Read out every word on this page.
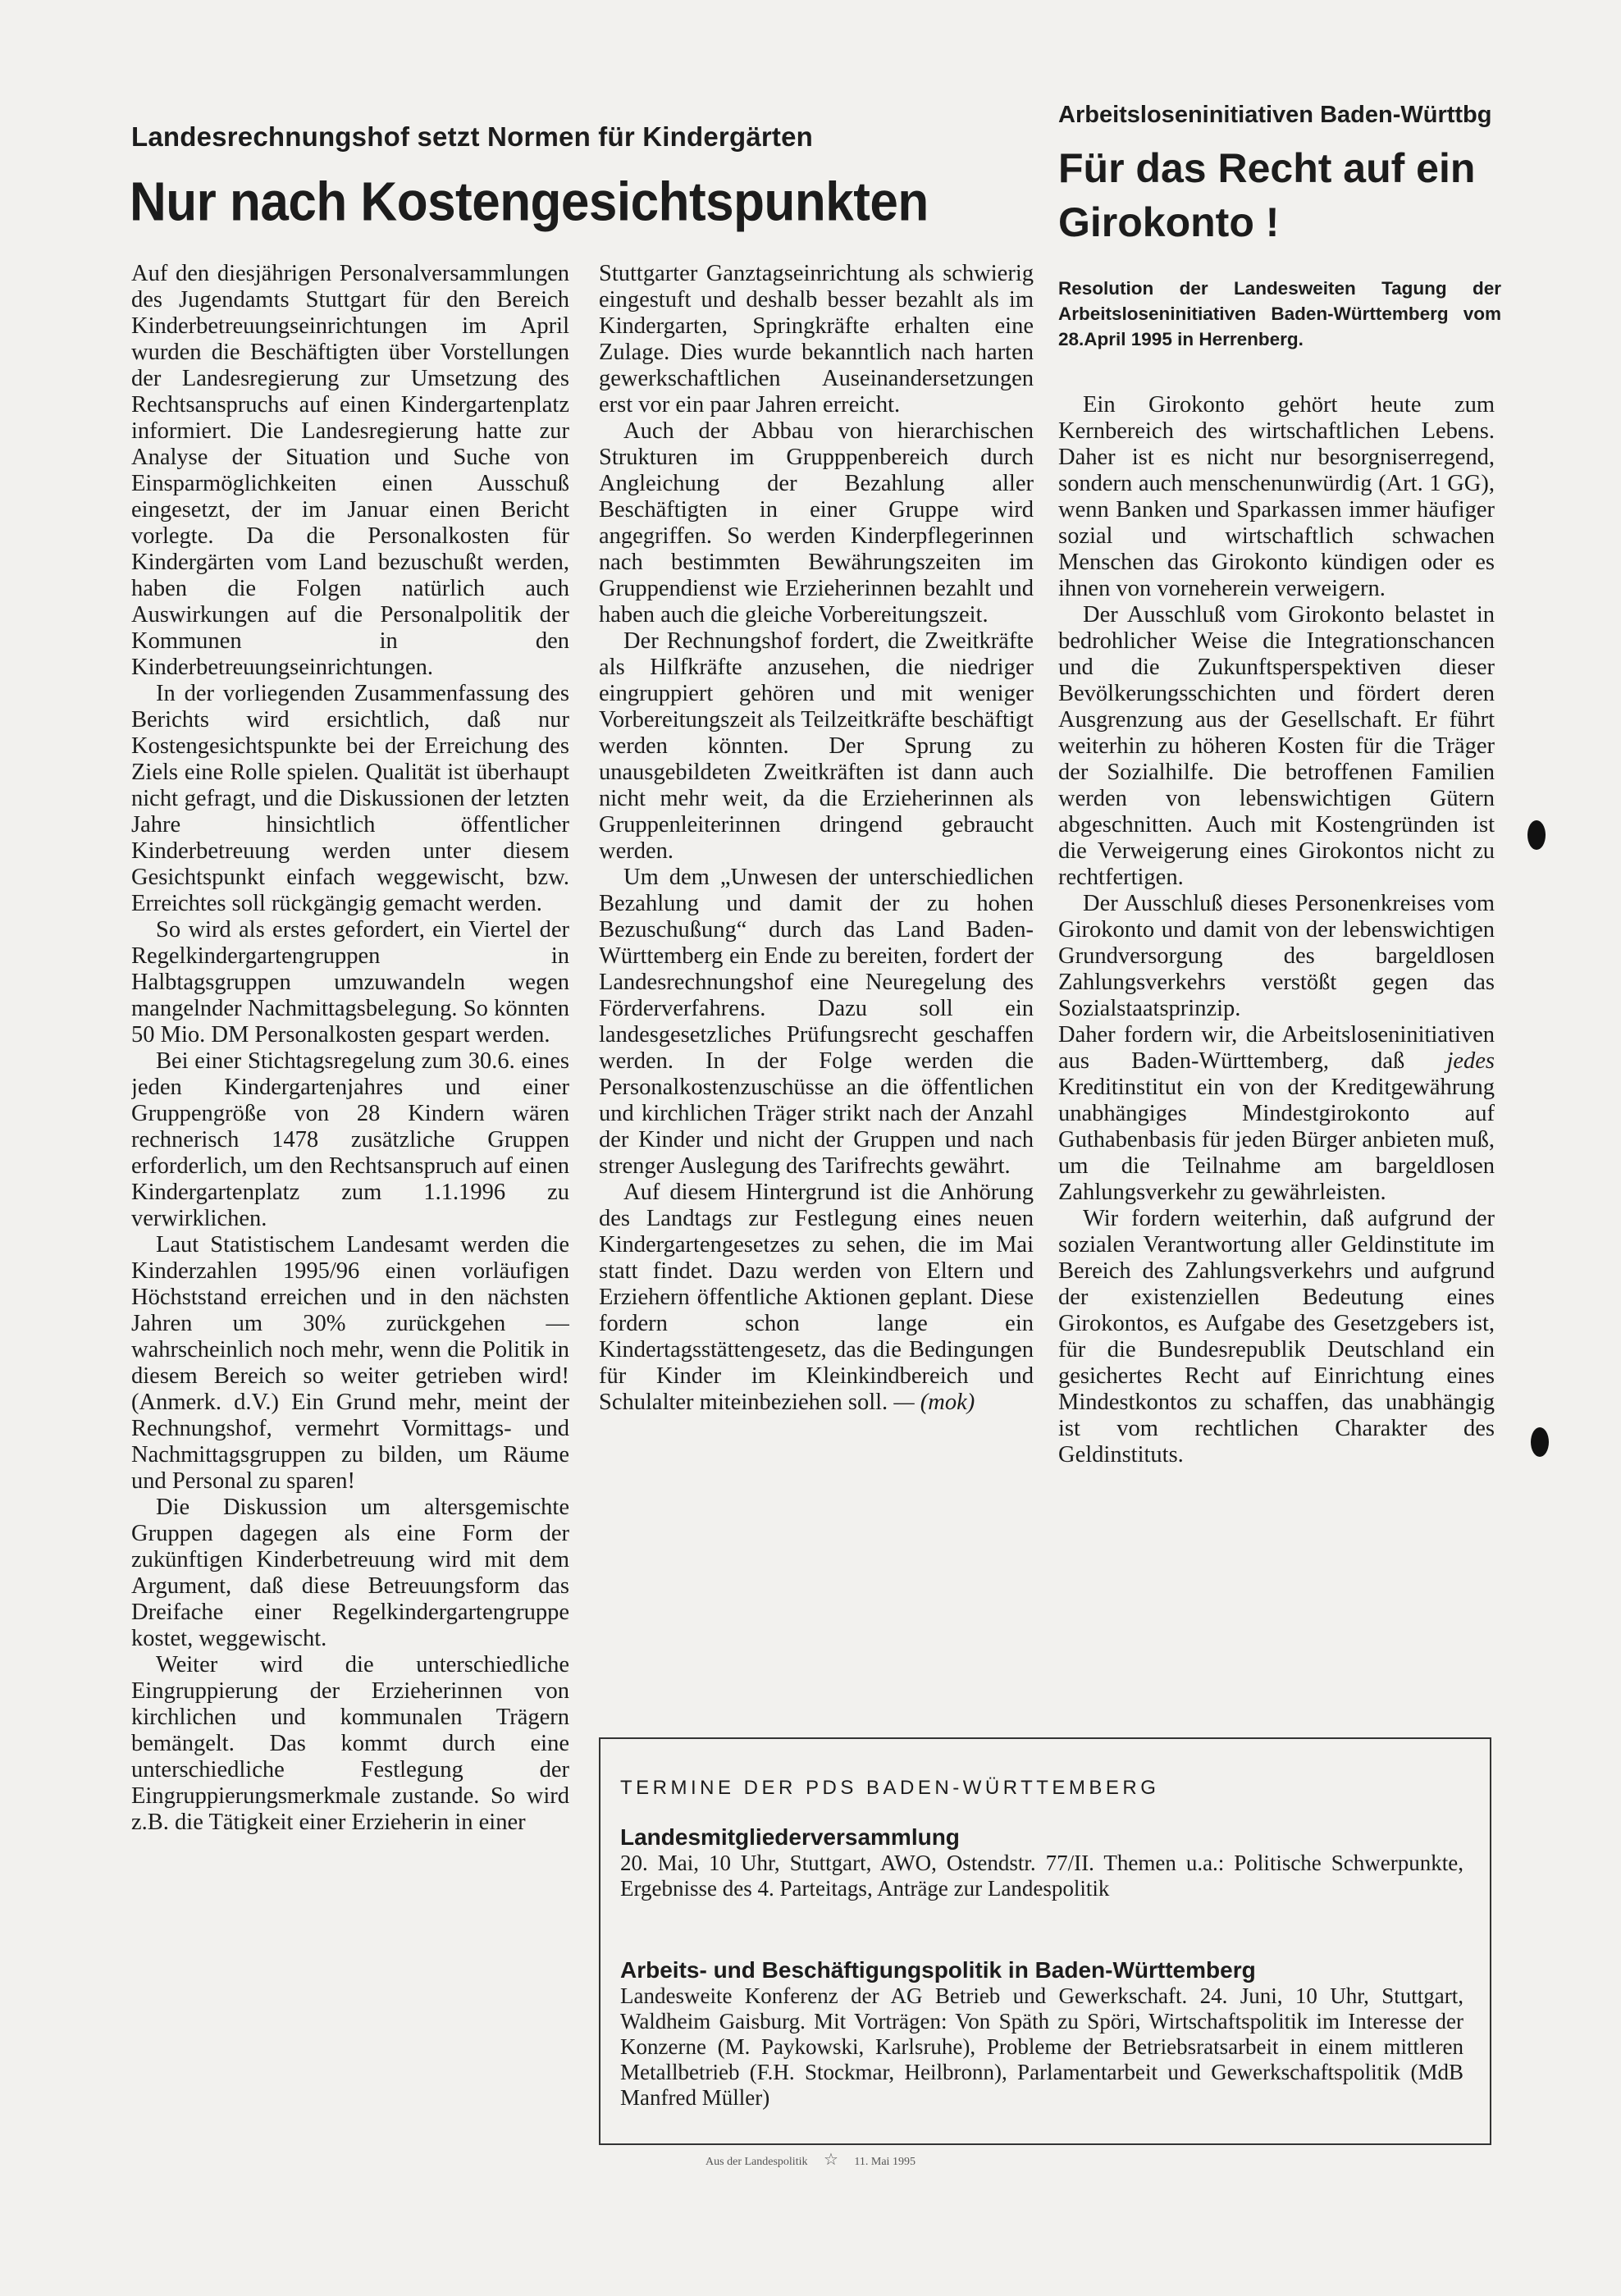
Landesrechnungshof setzt Normen für Kindergärten
Nur nach Kostengesichtspunkten
Arbeitsloseninitiativen Baden-Württbg
Für das Recht auf ein Girokonto !

Resolution der Landesweiten Tagung der Arbeitsloseninitiativen Baden-Württemberg vom 28.April 1995 in Herrenberg.

Auf den diesjährigen Personalversammlungen des Jugendamts Stuttgart für den Bereich Kinderbetreuungseinrichtungen im April wurden die Beschäftigten über Vorstellungen der Landesregierung zur Umsetzung des Rechtsanspruchs auf einen Kindergartenplatz informiert. Die Landesregierung hatte zur Analyse der Situation und Suche von Einsparmöglichkeiten einen Ausschuß eingesetzt, der im Januar einen Bericht vorlegte. Da die Personalkosten für Kindergärten vom Land bezuschußt werden, haben die Folgen natürlich auch Auswirkungen auf die Personalpolitik der Kommunen in den Kinderbetreuungseinrichtungen.

In der vorliegenden Zusammenfassung des Berichts wird ersichtlich, daß nur Kostengesichtspunkte bei der Erreichung des Ziels eine Rolle spielen. Qualität ist überhaupt nicht gefragt, und die Diskussionen der letzten Jahre hinsichtlich öffentlicher Kinderbetreuung werden unter diesem Gesichtspunkt einfach weggewischt, bzw. Erreichtes soll rückgängig gemacht werden.

So wird als erstes gefordert, ein Viertel der Regelkindergartengruppen in Halbtagsgruppen umzuwandeln wegen mangelnder Nachmittagsbelegung. So könnten 50 Mio. DM Personalkosten gespart werden.

Bei einer Stichtagsregelung zum 30.6. eines jeden Kindergartenjahres und einer Gruppengröße von 28 Kindern wären rechnerisch 1478 zusätzliche Gruppen erforderlich, um den Rechtsanspruch auf einen Kindergartenplatz zum 1.1.1996 zu verwirklichen.

Laut Statistischem Landesamt werden die Kinderzahlen 1995/96 einen vorläufigen Höchststand erreichen und in den nächsten Jahren um 30% zurückgehen — wahrscheinlich noch mehr, wenn die Politik in diesem Bereich so weiter getrieben wird! (Anmerk. d.V.) Ein Grund mehr, meint der Rechnungshof, vermehrt Vormittags- und Nachmittagsgruppen zu bilden, um Räume und Personal zu sparen!

Die Diskussion um altersgemischte Gruppen dagegen als eine Form der zukünftigen Kinderbetreuung wird mit dem Argument, daß diese Betreuungsform das Dreifache einer Regelkindergartengruppe kostet, weggewischt.

Weiter wird die unterschiedliche Eingruppierung der Erzieherinnen von kirchlichen und kommunalen Trägern bemängelt. Das kommt durch eine unterschiedliche Festlegung der Eingruppierungsmerkmale zustande. So wird z.B. die Tätigkeit einer Erzieherin in einer

Stuttgarter Ganztagseinrichtung als schwierig eingestuft und deshalb besser bezahlt als im Kindergarten, Springkräfte erhalten eine Zulage. Dies wurde bekanntlich nach harten gewerkschaftlichen Auseinandersetzungen erst vor ein paar Jahren erreicht.

Auch der Abbau von hierarchischen Strukturen im Grupppenbereich durch Angleichung der Bezahlung aller Beschäftigten in einer Gruppe wird angegriffen. So werden Kinderpflegerinnen nach bestimmten Bewährungszeiten im Gruppendienst wie Erzieherinnen bezahlt und haben auch die gleiche Vorbereitungszeit.

Der Rechnungshof fordert, die Zweitkräfte als Hilfkräfte anzusehen, die niedriger eingruppiert gehören und mit weniger Vorbereitungszeit als Teilzeitkräfte beschäftigt werden könnten. Der Sprung zu unausgebildeten Zweitkräften ist dann auch nicht mehr weit, da die Erzieherinnen als Gruppenleiterinnen dringend gebraucht werden.

Um dem „Unwesen der unterschiedlichen Bezahlung und damit der zu hohen Bezuschußung“ durch das Land Baden-Württemberg ein Ende zu bereiten, fordert der Landesrechnungshof eine Neuregelung des Förderverfahrens. Dazu soll ein landesgesetzliches Prüfungsrecht geschaffen werden. In der Folge werden die Personalkostenzuschüsse an die öffentlichen und kirchlichen Träger strikt nach der Anzahl der Kinder und nicht der Gruppen und nach strenger Auslegung des Tarifrechts gewährt.

Auf diesem Hintergrund ist die Anhörung des Landtags zur Festlegung eines neuen Kindergartengesetzes zu sehen, die im Mai statt findet. Dazu werden von Eltern und Erziehern öffentliche Aktionen geplant. Diese fordern schon lange ein Kindertagsstättengesetz, das die Bedingungen für Kinder im Kleinkindbereich und Schulalter miteinbeziehen soll. — (mok)

Ein Girokonto gehört heute zum Kernbereich des wirtschaftlichen Lebens. Daher ist es nicht nur besorgniserregend, sondern auch menschenunwürdig (Art. 1 GG), wenn Banken und Sparkassen immer häufiger sozial und wirtschaftlich schwachen Menschen das Girokonto kündigen oder es ihnen von vorneherein verweigern.

Der Ausschluß vom Girokonto belastet in bedrohlicher Weise die Integrationschancen und die Zukunftsperspektiven dieser Bevölkerungsschichten und fördert deren Ausgrenzung aus der Gesellschaft. Er führt weiterhin zu höheren Kosten für die Träger der Sozialhilfe. Die betroffenen Familien werden von lebenswichtigen Gütern abgeschnitten. Auch mit Kostengründen ist die Verweigerung eines Girokontos nicht zu rechtfertigen.

Der Ausschluß dieses Personenkreises vom Girokonto und damit von der lebenswichtigen Grundversorgung des bargeldlosen Zahlungsverkehrs verstößt gegen das Sozialstaatsprinzip.

Daher fordern wir, die Arbeitsloseninitiativen aus Baden-Württemberg, daß jedes Kreditinstitut ein von der Kreditgewährung unabhängiges Mindestgirokonto auf Guthabenbasis für jeden Bürger anbieten muß, um die Teilnahme am bargeldlosen Zahlungsverkehr zu gewährleisten.

Wir fordern weiterhin, daß aufgrund der sozialen Verantwortung aller Geldinstitute im Bereich des Zahlungsverkehrs und aufgrund der existenziellen Bedeutung eines Girokontos, es Aufgabe des Gesetzgebers ist, für die Bundesrepublik Deutschland ein gesichertes Recht auf Einrichtung eines Mindestkontos zu schaffen, das unabhängig ist vom rechtlichen Charakter des Geldinstituts.

TERMINE DER PDS BADEN-WÜRTTEMBERG

Landesmitgliederversammlung

20. Mai, 10 Uhr, Stuttgart, AWO, Ostendstr. 77/II. Themen u.a.: Politische Schwerpunkte, Ergebnisse des 4. Parteitags, Anträge zur Landespolitik

Arbeits- und Beschäftigungspolitik in Baden-Württemberg

Landesweite Konferenz der AG Betrieb und Gewerkschaft. 24. Juni, 10 Uhr, Stuttgart, Waldheim Gaisburg. Mit Vorträgen: Von Späth zu Spöri, Wirtschaftspolitik im Interesse der Konzerne (M. Paykowski, Karlsruhe), Probleme der Betriebsratsarbeit in einem mittleren Metallbetrieb (F.H. Stockmar, Heilbronn), Parlamentarbeit und Gewerkschaftspolitik (MdB Manfred Müller)

Aus der Landespolitik ☆ 11. Mai 1995
